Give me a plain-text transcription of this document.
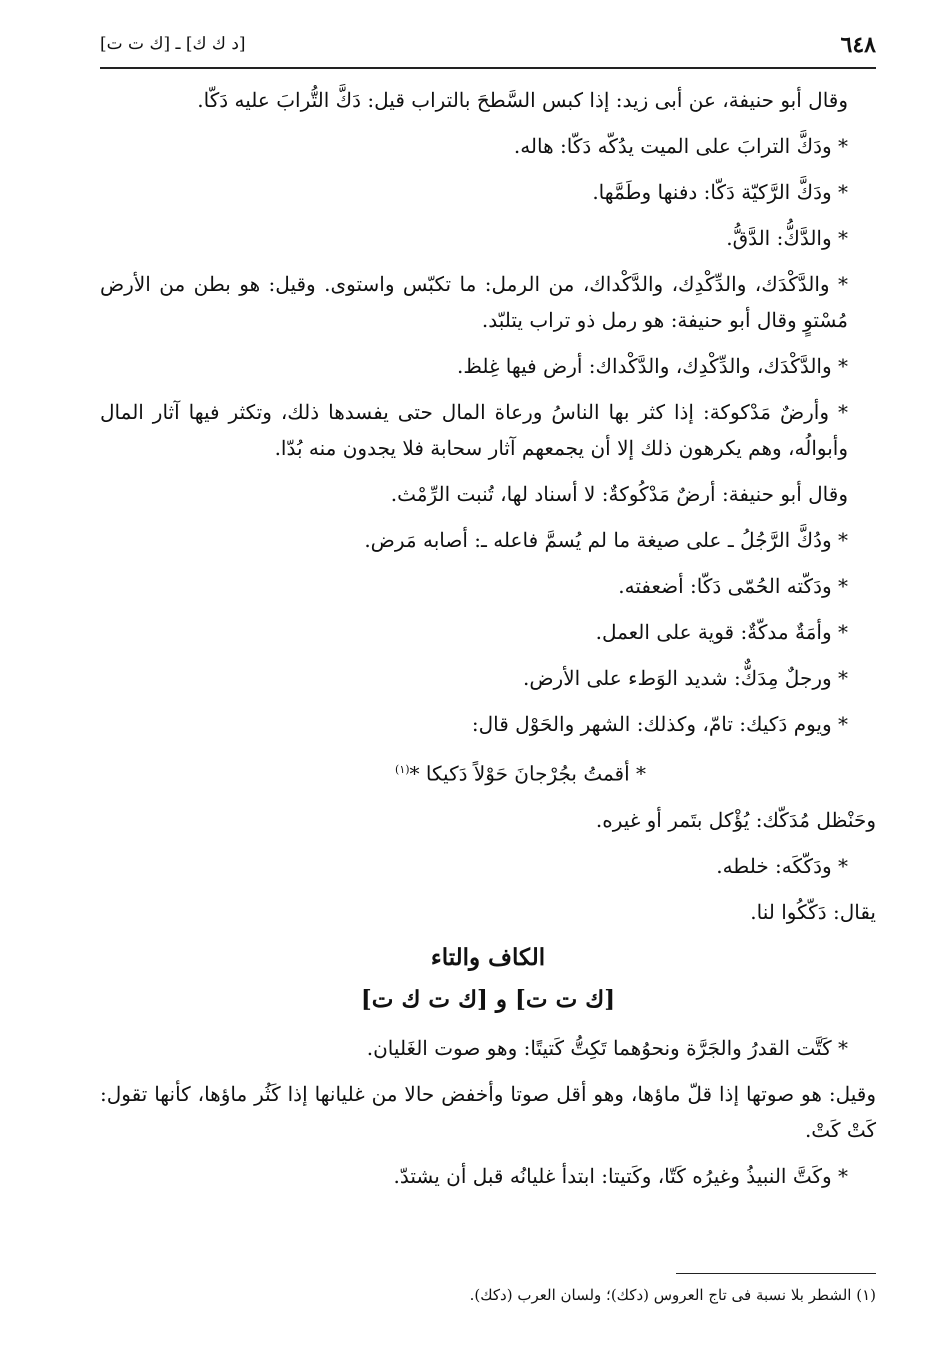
٦٤٨
[د ك ك] ـ [ك ت ت]

وقال أبو حنيفة، عن أبى زيد: إذا كبس السَّطحَ بالتراب قيل: دَكَّ التُّرابَ عليه دَكّا.

* ودَكَّ الترابَ على الميت يدُكّه دَكّا: هاله.

* ودَكَّ الرَّكيّة دَكّا: دفنها وطَمَّها.

* والدَّكُّ: الدَّقُّ.

* والدَّكْدَك، والدِّكْدِك، والدَّكْداك، من الرمل: ما تكبّس واستوى. وقيل: هو بطن من الأرض مُسْتوٍ وقال أبو حنيفة: هو رمل ذو تراب يتلبّد.

* والدَّكْدَك، والدِّكْدِك، والدَّكْداك: أرض فيها غِلظ.

* وأرضٌ مَدْكوكة: إذا كثر بها الناسُ ورعاة المال حتى يفسدها ذلك، وتكثر فيها آثار المال وأبوالُه، وهم يكرهون ذلك إلا أن يجمعهم آثار سحابة فلا يجدون منه بُدّا.

وقال أبو حنيفة: أرضٌ مَدْكُوكةٌ: لا أسناد لها، تُنبت الرِّمْث.

* ودُكَّ الرَّجُلُ ـ على صيغة ما لم يُسمَّ فاعله ـ: أصابه مَرض.

* ودَكّته الحُمّى دَكّا: أضعفته.

* وأمَةٌ مدكّةٌ: قوية على العمل.

* ورجلٌ مِدَكٌّ: شديد الوَطء على الأرض.

* ويوم دَكيك: تامّ، وكذلك: الشهر والحَوْل قال:

* أقمتُ بجُرْجانَ حَوْلاً دَكيكا *$^{(١)}$

وحَنْظل مُدَكّك: يُؤْكل بتَمر أو غيره.

* ودَكّكَه: خلطه.

يقال: دَكّكُوا لنا.

الكاف والتاء
[ك ت ت] و [ك ت ك ت]

* كَتَّت القدرُ والجَرَّة ونحوُهما تَكِتُّ كَتيتًا: وهو صوت الغَليان.

وقيل: هو صوتها إذا قلّ ماؤها، وهو أقل صوتا وأخفض حالا من غليانها إذا كَثُر ماؤها، كأنها تقول: كَتْ كَتْ.

* وكَتَّ النبيذُ وغيرُه كَتّا، وكَتيتا: ابتدأ غليانُه قبل أن يشتدّ.

(١) الشطر بلا نسبة فى تاج العروس (دكك)؛ ولسان العرب (دكك).
